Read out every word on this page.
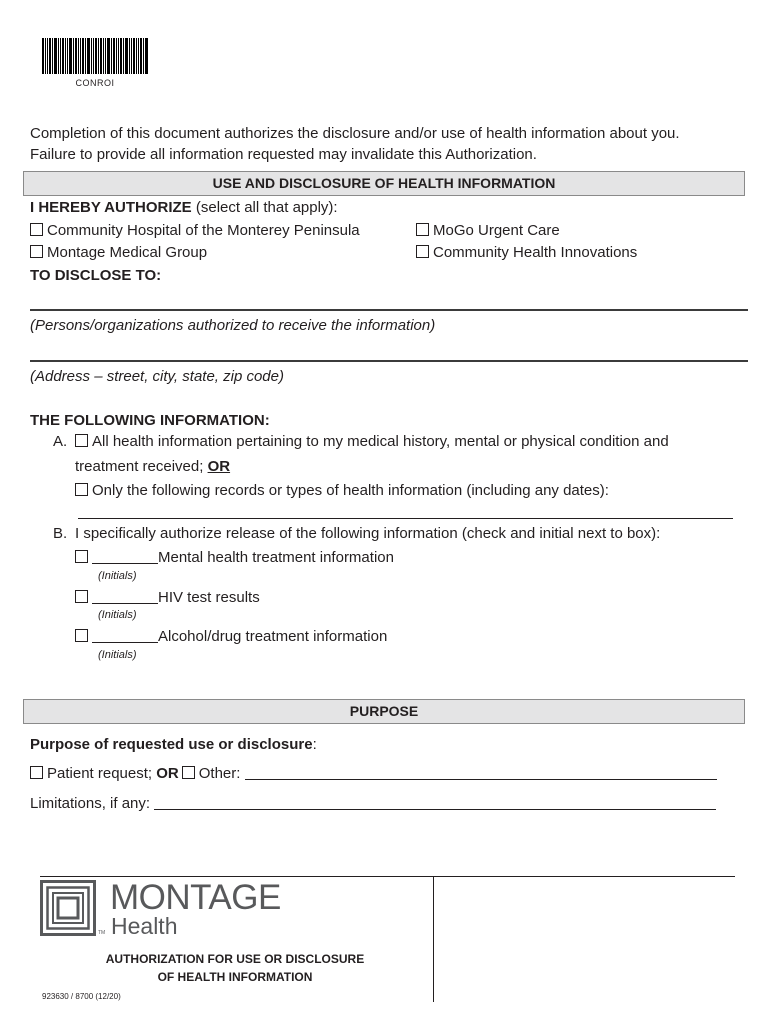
CONROI
Completion of this document authorizes the disclosure and/or use of health information about you.
Failure to provide all information requested may invalidate this Authorization.
USE AND DISCLOSURE OF HEALTH INFORMATION
I HEREBY AUTHORIZE (select all that apply):
Community Hospital of the Monterey Peninsula
Montage Medical Group
MoGo Urgent Care
Community Health Innovations
TO DISCLOSE TO:
(Persons/organizations authorized to receive the information)
(Address – street, city, state, zip code)
THE FOLLOWING INFORMATION:
A.	All health information pertaining to my medical history, mental or physical condition and
treatment received; OR
Only the following records or types of health information (including any dates):
B. I specifically authorize release of the following information (check and initial next to box):
Mental health treatment information
(Initials)
HIV test results
(Initials)
Alcohol/drug treatment information
(Initials)
PURPOSE
Purpose of requested use or disclosure:
Patient request; OR Other:
Limitations, if any:
MONTAGE
Health
TM
AUTHORIZATION FOR USE OR DISCLOSURE
OF HEALTH INFORMATION
923630 / 8700 (12/20)
